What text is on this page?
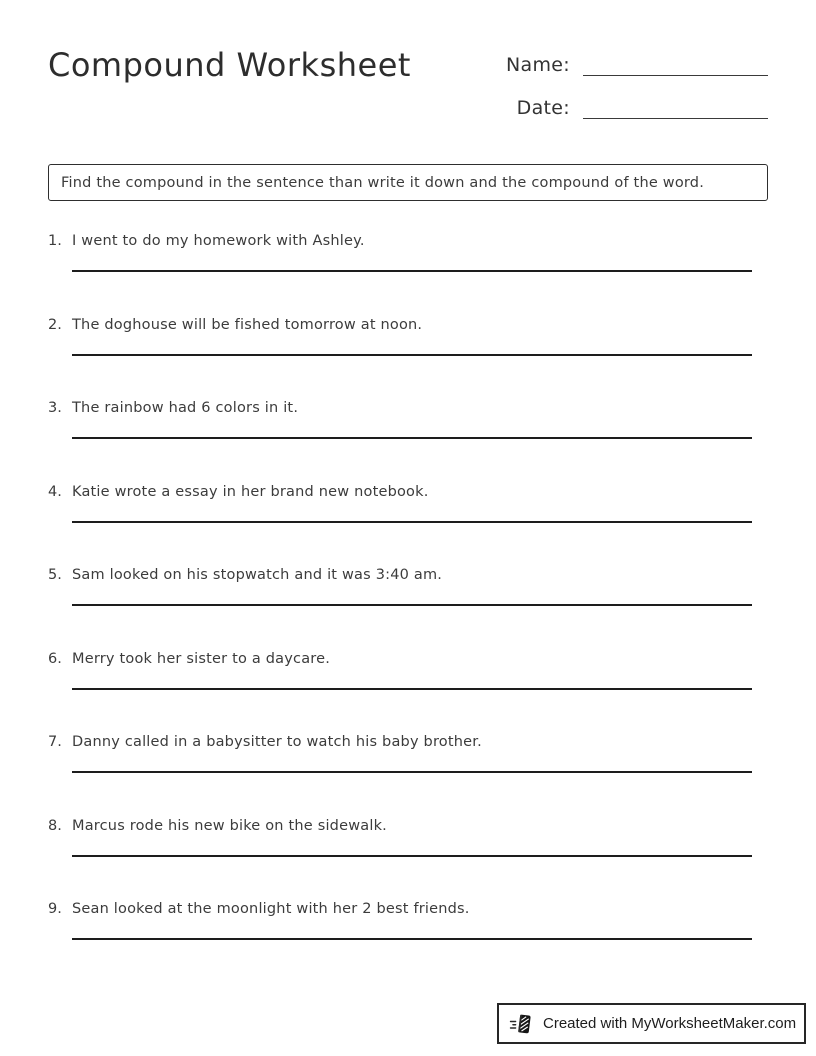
Compound Worksheet	Name:
Date:
Find the compound in the sentence than write it down and the compound of the word.
1. I went to do my homework with Ashley.
2. The doghouse will be fished tomorrow at noon.
3. The rainbow had 6 colors in it.
4. Katie wrote a essay in her brand new notebook.
5. Sam looked on his stopwatch and it was 3:40 am.
6. Merry took her sister to a daycare.
7. Danny called in a babysitter to watch his baby brother.
8. Marcus rode his new bike on the sidewalk.
9. Sean looked at the moonlight with her 2 best friends.
Created with MyWorksheetMaker.com
